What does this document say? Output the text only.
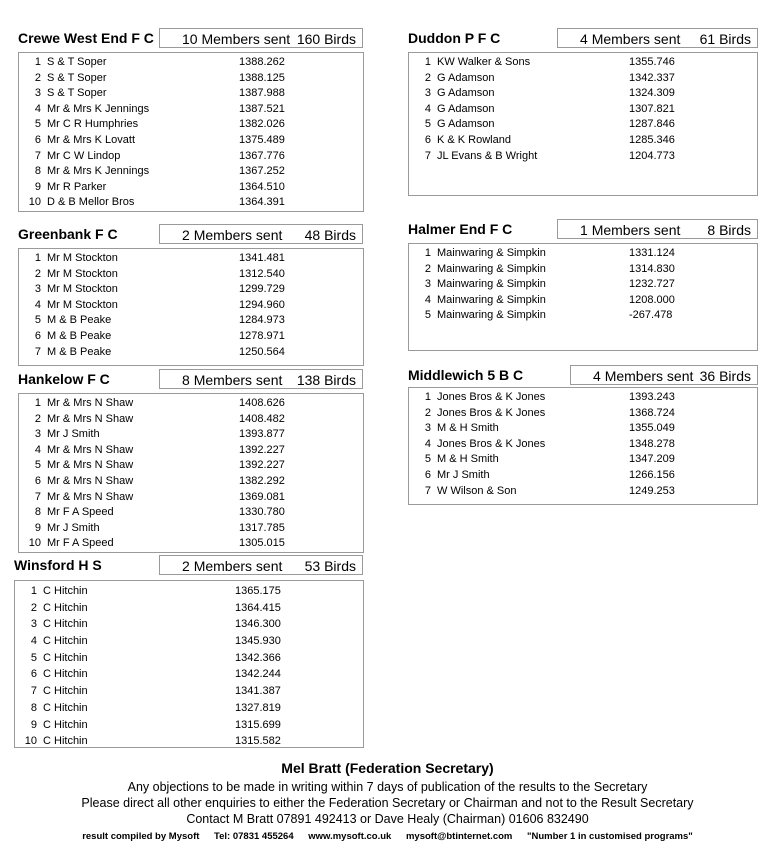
Crewe West End F C 10 Members sent 160 Birds
1 S & T Soper	1388.262
2 S & T Soper	1388.125
3 S & T Soper	1387.988
4 Mr & Mrs K Jennings	1387.521
5 Mr C R Humphries	1382.026
6 Mr & Mrs K Lovatt	1375.489
7 Mr C W Lindop	1367.776
8 Mr & Mrs K Jennings	1367.252
9 Mr R Parker	1364.510
10 D & B Mellor Bros	1364.391
Greenbank F C	2 Members sent 48 Birds
1 Mr M Stockton	1341.481
2 Mr M Stockton	1312.540
3 Mr M Stockton	1299.729
4 Mr M Stockton	1294.960
5 M & B Peake	1284.973
6 M & B Peake	1278.971
7 M & B Peake	1250.564
Hankelow F C	8 Members sent 138 Birds
1 Mr & Mrs N Shaw	1408.626
2 Mr & Mrs N Shaw	1408.482
3 Mr J Smith	1393.877
4 Mr & Mrs N Shaw	1392.227
5 Mr & Mrs N Shaw	1392.227
6 Mr & Mrs N Shaw	1382.292
7 Mr & Mrs N Shaw	1369.081
8 Mr F A Speed	1330.780
9 Mr J Smith	1317.785
10 Mr F A Speed	1305.015
Winsford H S	2 Members sent 53 Birds
1 C Hitchin	1365.175
2 C Hitchin	1364.415
3 C Hitchin	1346.300
4 C Hitchin	1345.930
5 C Hitchin	1342.366
6 C Hitchin	1342.244
7 C Hitchin	1341.387
8 C Hitchin	1327.819
9 C Hitchin	1315.699
10 C Hitchin	1315.582
Duddon P F C	4 Members sent 61 Birds
1 KW Walker & Sons	1355.746
2 G Adamson	1342.337
3 G Adamson	1324.309
4 G Adamson	1307.821
5 G Adamson	1287.846
6 K & K Rowland	1285.346
7 JL Evans & B Wright	1204.773
Halmer End F C	1 Members sent 8 Birds
1 Mainwaring & Simpkin	1331.124
2 Mainwaring & Simpkin	1314.830
3 Mainwaring & Simpkin	1232.727
4 Mainwaring & Simpkin	1208.000
5 Mainwaring & Simpkin	-267.478
Middlewich 5 B C	4 Members sent 36 Birds
1 Jones Bros & K Jones	1393.243
2 Jones Bros & K Jones	1368.724
3 M & H Smith	1355.049
4 Jones Bros & K Jones	1348.278
5 M & H Smith	1347.209
6 Mr J Smith	1266.156
7 W Wilson & Son	1249.253
Mel Bratt (Federation Secretary)
Any objections to be made in writing within 7 days of publication of the results to the Secretary
Please direct all other enquiries to either the Federation Secretary or Chairman and not to the Result Secretary
Contact M Bratt 07891 492413 or Dave Healy (Chairman) 01606 832490
result compiled by Mysoft Tel: 07831 455264 www.mysoft.co.uk mysoft@btinternet.com "Number 1 in customised programs"
